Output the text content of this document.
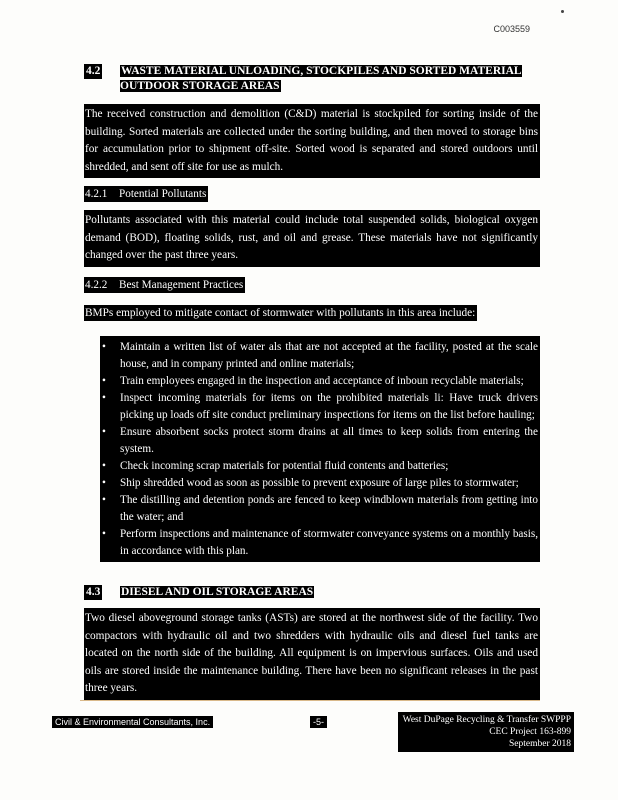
C003559
4.2 WASTE MATERIAL UNLOADING, STOCKPILES AND SORTED MATERIAL OUTDOOR STORAGE AREAS
The received construction and demolition (C&D) material is stockpiled for sorting inside of the building. Sorted materials are collected under the sorting building, and then moved to storage bins for accumulation prior to shipment off-site. Sorted wood is separated and stored outdoors until shredded, and sent off site for use as mulch.
4.2.1 Potential Pollutants
Pollutants associated with this material could include total suspended solids, biological oxygen demand (BOD), floating solids, rust, and oil and grease. These materials have not significantly changed over the past three years.
4.2.2 Best Management Practices
BMPs employed to mitigate contact of stormwater with pollutants in this area include:
• Maintain a written list of water als that are not accepted at the facility, posted at the scale house, and in company printed and online materials;
• Train employees engaged in the inspection and acceptance of inboun recyclable materials;
• Inspect incoming materials for items on the prohibited materials li: Have truck drivers picking up loads off site conduct preliminary inspections for items on the list before hauling;
• Ensure absorbent socks protect storm drains at all times to keep solids from entering the system.
• Check incoming scrap materials for potential fluid contents and batteries;
• Ship shredded wood as soon as possible to prevent exposure of large piles to stormwater;
• The distilling and detention ponds are fenced to keep windblown materials from getting into the water; and
• Perform inspections and maintenance of stormwater conveyance systems on a monthly basis, in accordance with this plan.
4.3 DIESEL AND OIL STORAGE AREAS
Two diesel aboveground storage tanks (ASTs) are stored at the northwest side of the facility. Two compactors with hydraulic oil and two shredders with hydraulic oils and diesel fuel tanks are located on the north side of the building. All equipment is on impervious surfaces. Oils and used oils are stored inside the maintenance building. There have been no significant releases in the past three years.
Civil & Environmental Consultants, Inc.	-5-	West DuPage Recycling & Transfer SWPPP
CEC Project 163-899
September 2018
